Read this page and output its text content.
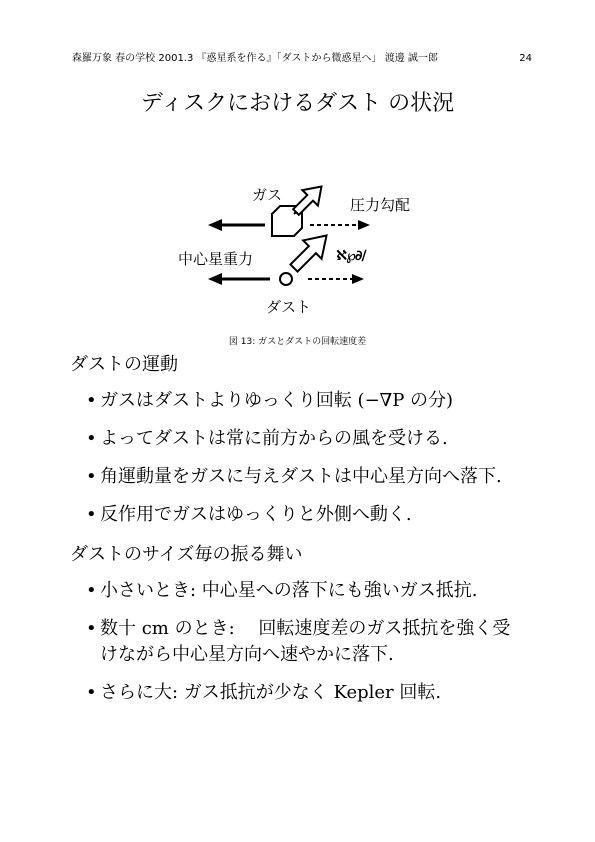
森羅万象 春の学校 2001.3 『惑星系を作る』「ダストから微惑星へ」 渡邊 誠一郎	24
ディスクにおけるダスト の状況
ガス
圧力勾配
中心星重力	ℵ℘∂∕
ダスト
図 13: ガスとダストの回転速度差
ダストの運動
• ガスはダストよりゆっくり回転 (−∇P の分)
• よってダストは常に前方からの風を受ける.
• 角運動量をガスに与えダストは中心星方向へ落下.
• 反作用でガスはゆっくりと外側へ動く.
ダストのサイズ毎の振る舞い
• 小さいとき: 中心星への落下にも強いガス抵抗.
• 数十 cm のとき: 　回転速度差のガス抵抗を強く受
けながら中心星方向へ速やかに落下.
• さらに大: ガス抵抗が少なく Kepler 回転.
